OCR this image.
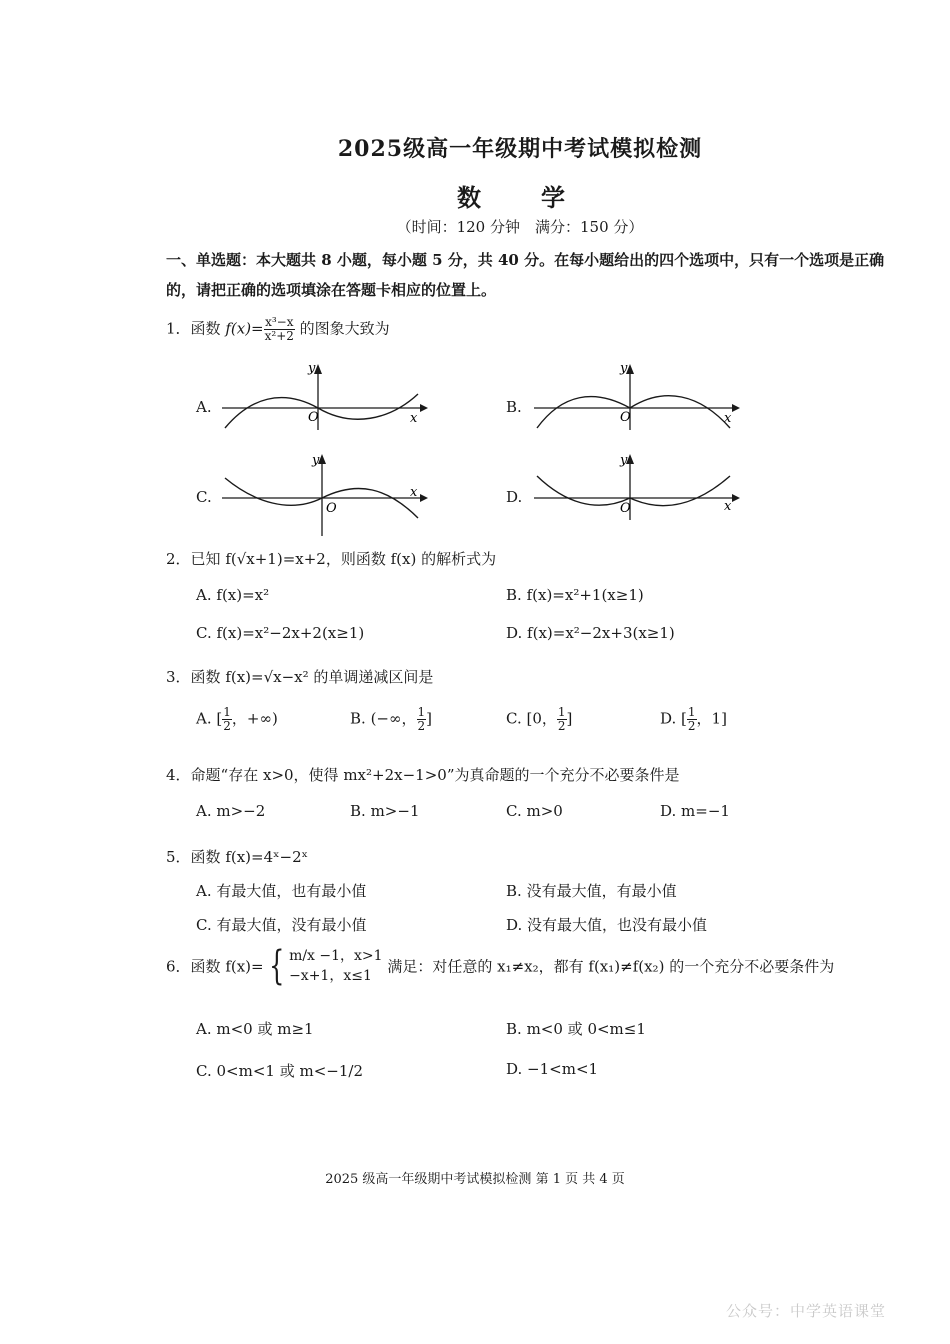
2025级高一年级期中考试模拟检测
数　学
（时间：120 分钟　满分：150 分）
一、单选题：本大题共 8 小题，每小题 5 分，共 40 分。在每小题给出的四个选项中，只有一个选项是正确的，请把正确的选项填涂在答题卡相应的位置上。
1．函数 $f(x)= \frac{\text{x³−x}}{\text{x²+2}}$ 的图象大致为
A.
y
x
O
B.
y
x
O
C.
y
x
O
D.
y
x
O
2．已知 f(√x+1)=x+2，则函数 f(x) 的解析式为
A. f(x)=x²	B. f(x)=x²+1(x≥1)
C. f(x)=x²−2x+2(x≥1)	D. f(x)=x²−2x+3(x≥1)
3．函数 f(x)=√x−x² 的单调递减区间是
A. [ $\frac{1}{2}$ ，+∞)	B. (−∞， $\frac{1}{2}$ ]	C. [0， $\frac{1}{2}$ ]	D. [ $\frac{1}{2}$ ，1]
4．命题“存在 x>0，使得 mx²+2x−1>0”为真命题的一个充分不必要条件是
A. m>−2	B. m>−1	C. m>0	D. m=−1
5．函数 f(x)=4ˣ−2ˣ
A. 有最大值，也有最小值	B. 没有最大值，有最小值
C. 有最大值，没有最小值	D. 没有最大值，也没有最小值
6．函数 f(x)= { m/x −1，x>1
−x+1，x≤1
满足：对任意的 x₁≠x₂，都有 f(x₁)≠f(x₂) 的一个充分不必要条件为
A. m<0 或 m≥1	B. m<0 或 0<m≤1
C. 0<m<1 或 m<−1/2	D. −1<m<1
2025 级高一年级期中考试模拟检测 第 1 页 共 4 页
公众号：中学英语课堂
